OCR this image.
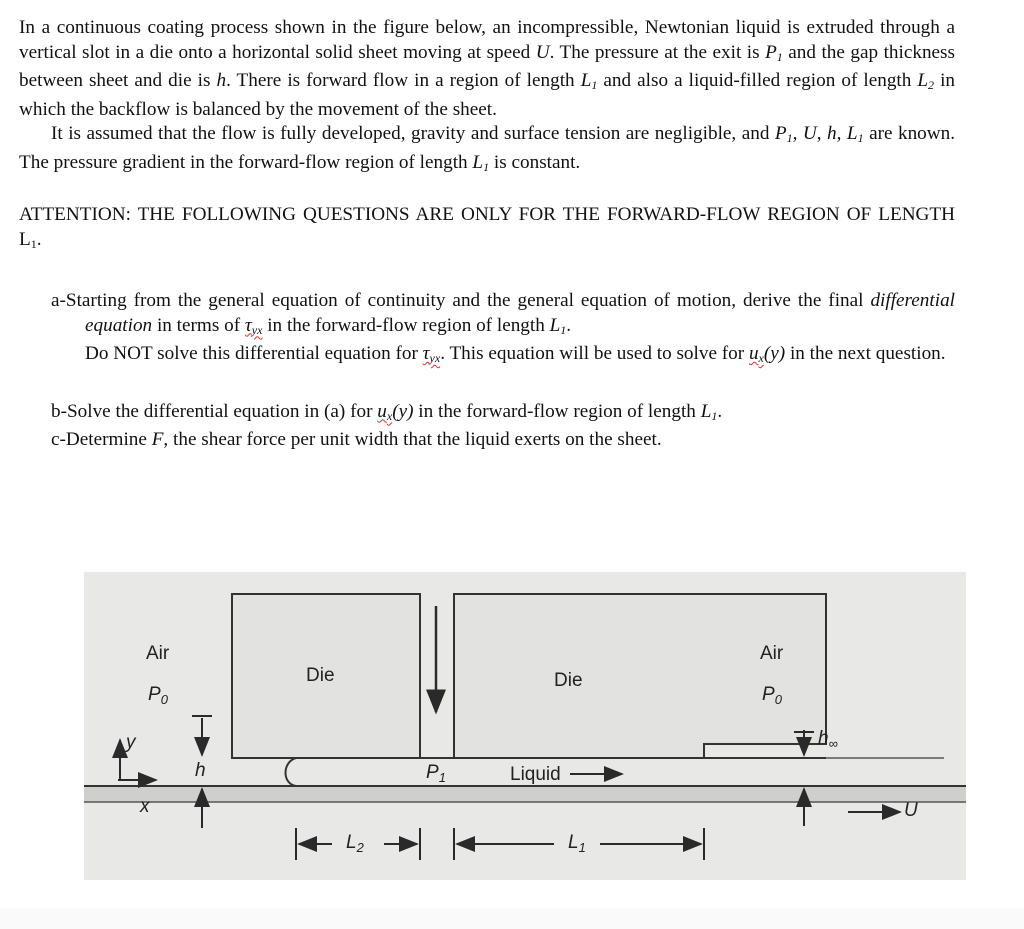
In a continuous coating process shown in the figure below, an incompressible, Newtonian liquid is extruded through a vertical slot in a die onto a horizontal solid sheet moving at speed U. The pressure at the exit is $P_1$ and the gap thickness between sheet and die is h. There is forward flow in a region of length $L_1$ and also a liquid-filled region of length $L_2$ in which the backflow is balanced by the movement of the sheet.

It is assumed that the flow is fully developed, gravity and surface tension are negligible, and $P_1$, U, h, $L_1$ are known. The pressure gradient in the forward-flow region of length $L_1$ is constant.

ATTENTION: THE FOLLOWING QUESTIONS ARE ONLY FOR THE FORWARD-FLOW REGION OF LENGTH $L_1$.

a-Starting from the general equation of continuity and the general equation of motion, derive the final differential equation in terms of $\tau_{yx}$ in the forward-flow region of length $L_1$.

Do NOT solve this differential equation for $\tau_{yx}$. This equation will be used to solve for $u_x(y)$ in the next question.

b-Solve the differential equation in (a) for $u_x(y)$ in the forward-flow region of length $L_1$.

c-Determine F, the shear force per unit width that the liquid exerts on the sheet.

Air
$P_0$
Die	Die
Air
$P_0$
y
x
h	$P_1$	Liquid
$h_\infty$
U
$L_2$	$L_1$
